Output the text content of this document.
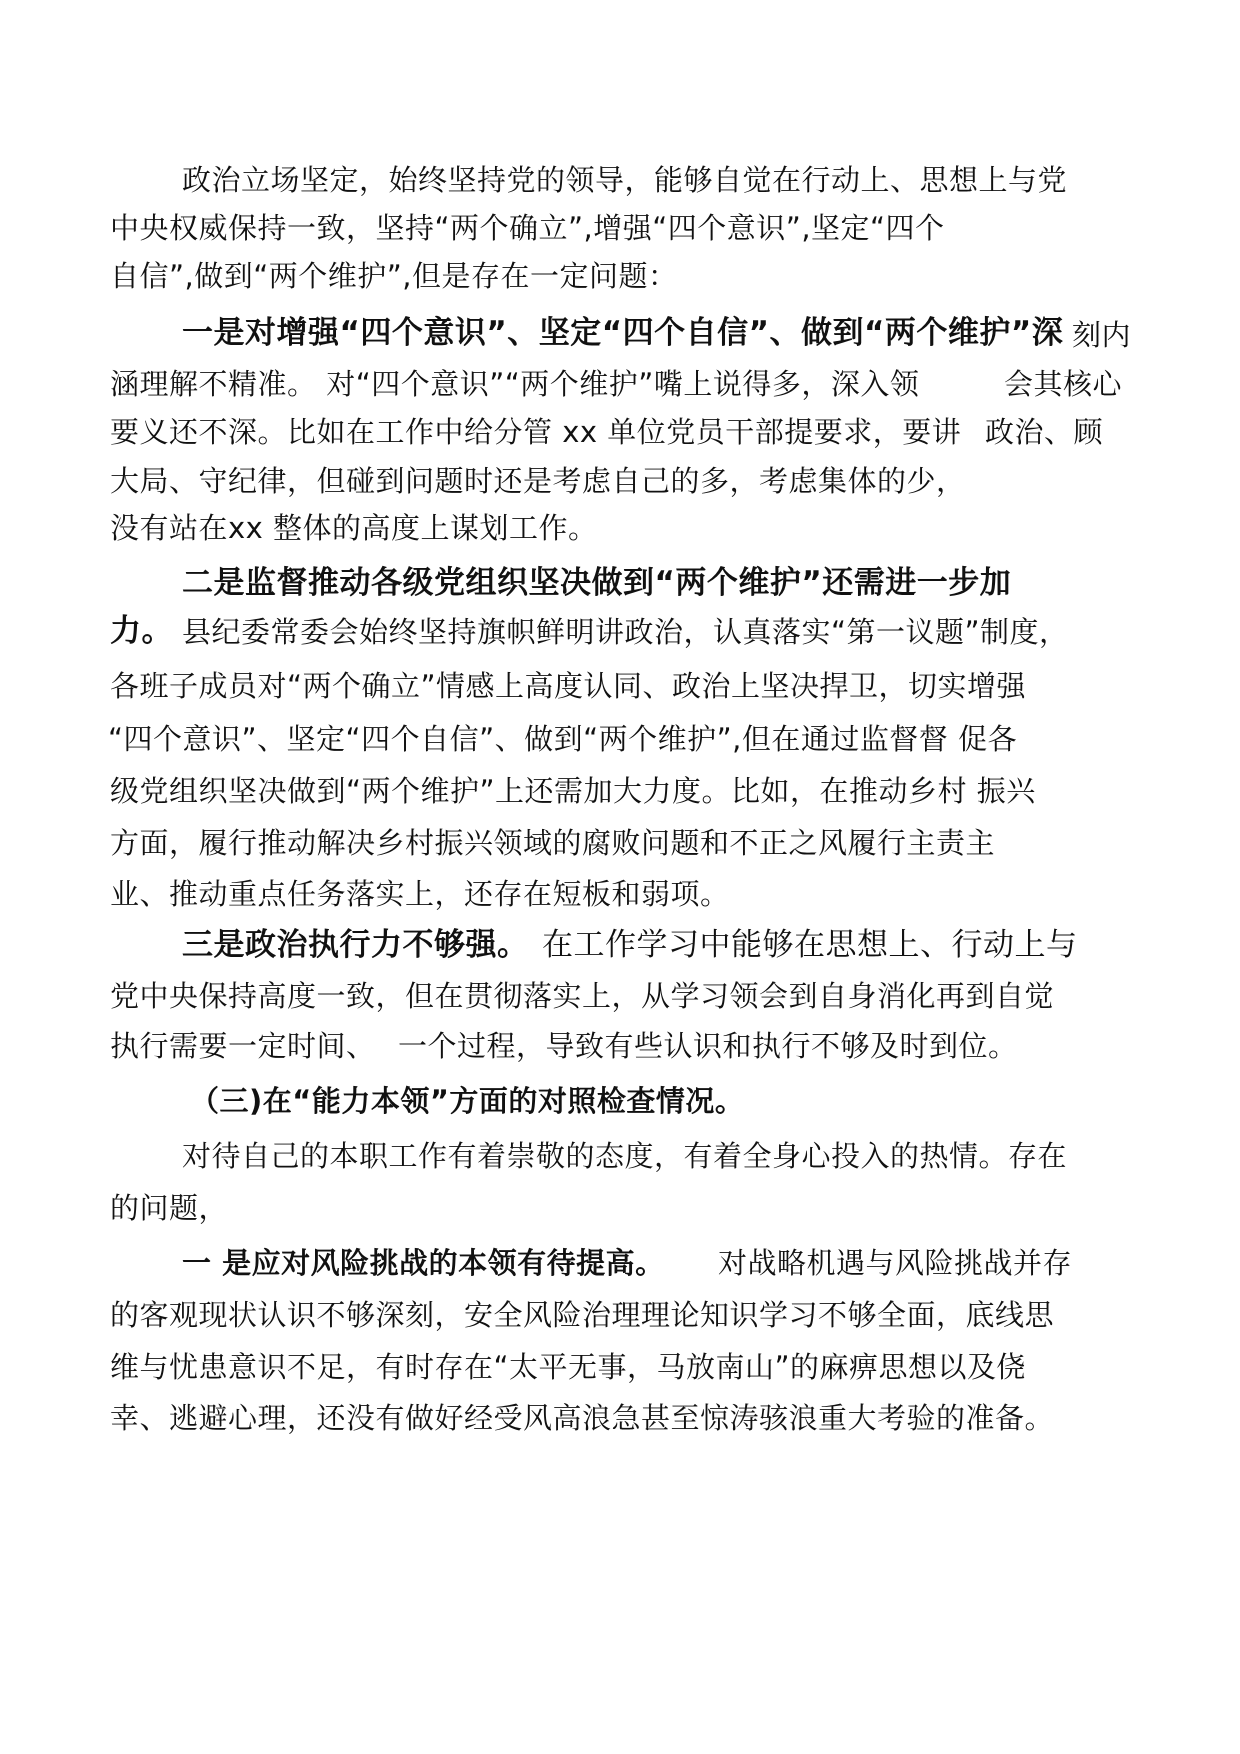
政治立场坚定，始终坚持党的领导，能够自觉在行动上、思想上与党
中央权威保持一致，坚持“两个确立”,增强“四个意识”,坚定“四个
自信”,做到“两个维护”,但是存在一定问题：
一是对增强“四个意识”、坚定“四个自信”、做到“两个维护”深 刻内
涵理解不精准。 对“四个意识”“两个维护”嘴上说得多，深入领	会其核心
要义还不深。比如在工作中给分管 xx 单位党员干部提要求，要讲 政治、顾
大局、守纪律，但碰到问题时还是考虑自己的多，考虑集体的少，
没有站在xx 整体的高度上谋划工作。
二是监督推动各级党组织坚决做到“两个维护”还需进一步加
力。 县纪委常委会始终坚持旗帜鲜明讲政治，认真落实“第一议题”制度，
各班子成员对“两个确立”情感上高度认同、政治上坚决捍卫，切实增强
“四个意识”、坚定“四个自信”、做到“两个维护”,但在通过监督督 促各
级党组织坚决做到“两个维护”上还需加大力度。比如，在推动乡村 振兴
方面，履行推动解决乡村振兴领域的腐败问题和不正之风履行主责主
业、推动重点任务落实上，还存在短板和弱项。
三是政治执行力不够强。 在工作学习中能够在思想上、行动上与
党中央保持高度一致，但在贯彻落实上，从学习领会到自身消化再到自觉
执行需要一定时间、 一个过程，导致有些认识和执行不够及时到位。
（三)在“能力本领”方面的对照检查情况。
对待自己的本职工作有着崇敬的态度，有着全身心投入的热情。存在
的问题，
一 是应对风险挑战的本领有待提高。 对战略机遇与风险挑战并存
的客观现状认识不够深刻，安全风险治理理论知识学习不够全面，底线思
维与忧患意识不足，有时存在“太平无事，马放南山”的麻痹思想以及侥
幸、逃避心理，还没有做好经受风高浪急甚至惊涛骇浪重大考验的准备。
